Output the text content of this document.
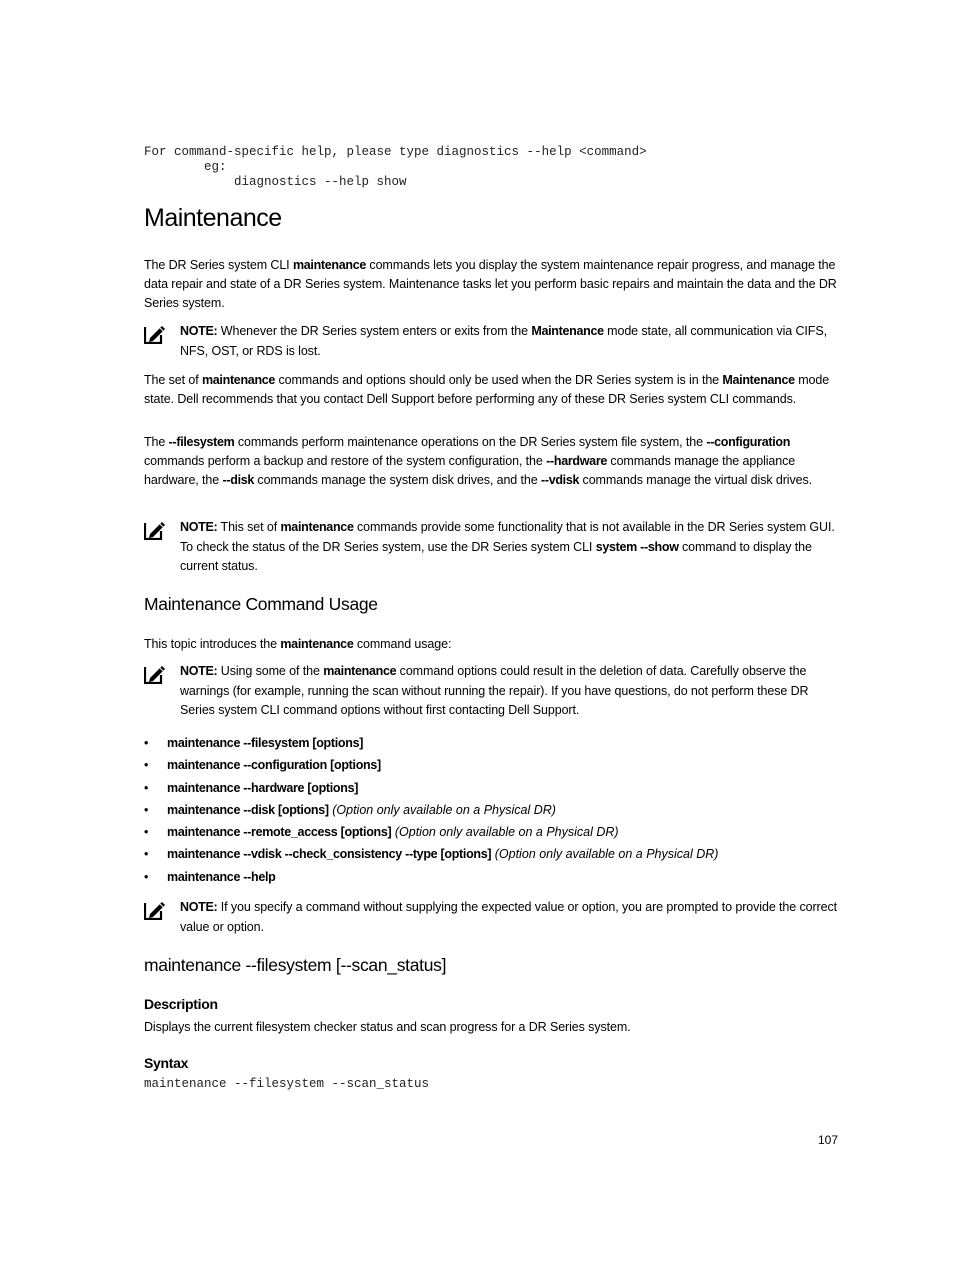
For command-specific help, please type diagnostics --help <command>
eg:
diagnostics --help show
Maintenance
The DR Series system CLI maintenance commands lets you display the system maintenance repair progress, and manage the data repair and state of a DR Series system. Maintenance tasks let you perform basic repairs and maintain the data and the DR Series system.
NOTE: Whenever the DR Series system enters or exits from the Maintenance mode state, all communication via CIFS, NFS, OST, or RDS is lost.
The set of maintenance commands and options should only be used when the DR Series system is in the Maintenance mode state. Dell recommends that you contact Dell Support before performing any of these DR Series system CLI commands.
The --filesystem commands perform maintenance operations on the DR Series system file system, the --configuration commands perform a backup and restore of the system configuration, the --hardware commands manage the appliance hardware, the --disk commands manage the system disk drives, and the --vdisk commands manage the virtual disk drives.
NOTE: This set of maintenance commands provide some functionality that is not available in the DR Series system GUI. To check the status of the DR Series system, use the DR Series system CLI system --show command to display the current status.
Maintenance Command Usage
This topic introduces the maintenance command usage:
NOTE: Using some of the maintenance command options could result in the deletion of data. Carefully observe the warnings (for example, running the scan without running the repair). If you have questions, do not perform these DR Series system CLI command options without first contacting Dell Support.
• maintenance --filesystem [options]
• maintenance --configuration [options]
• maintenance --hardware [options]
• maintenance --disk [options] (Option only available on a Physical DR)
• maintenance --remote_access [options] (Option only available on a Physical DR)
• maintenance --vdisk --check_consistency --type [options] (Option only available on a Physical DR)
• maintenance --help
NOTE: If you specify a command without supplying the expected value or option, you are prompted to provide the correct value or option.
maintenance --filesystem [--scan_status]
Description
Displays the current filesystem checker status and scan progress for a DR Series system.
Syntax
maintenance --filesystem --scan_status
107
